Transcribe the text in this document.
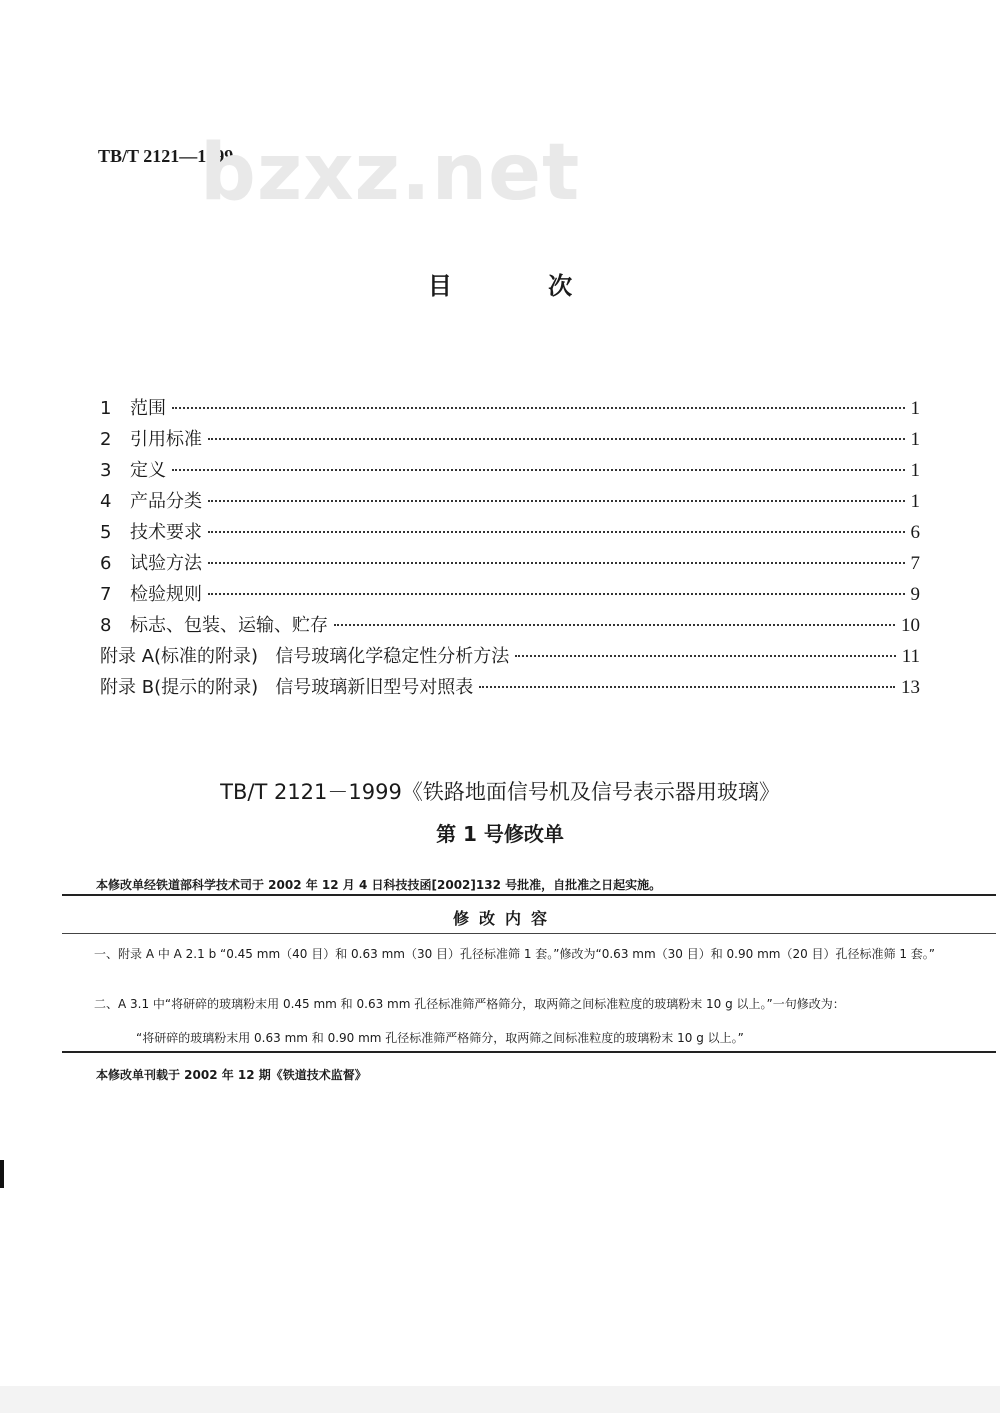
TB/T 2121—1999
bzxz.net
目 次
1	范围	1
2	引用标准	1
3	定义	1
4	产品分类	1
5	技术要求	6
6	试验方法	7
7	检验规则	9
8	标志、包装、运输、贮存	10
附录 A(标准的附录)   信号玻璃化学稳定性分析方法	11
附录 B(提示的附录)   信号玻璃新旧型号对照表	13
TB/T 2121－1999《铁路地面信号机及信号表示器用玻璃》
第 1 号修改单
本修改单经铁道部科学技术司于 2002 年 12 月 4 日科技技函[2002]132 号批准，自批准之日起实施。
修改内容
一、附录 A 中 A 2.1 b “0.45 mm（40 目）和 0.63 mm（30 目）孔径标准筛 1 套。”修改为“0.63 mm（30 目）和 0.90 mm（20 目）孔径标准筛 1 套。”
二、A 3.1 中“将研碎的玻璃粉末用 0.45 mm 和 0.63 mm 孔径标准筛严格筛分，取两筛之间标准粒度的玻璃粉末 10 g 以上。”一句修改为：
“将研碎的玻璃粉末用 0.63 mm 和 0.90 mm 孔径标准筛严格筛分，取两筛之间标准粒度的玻璃粉末 10 g 以上。”
本修改单刊载于 2002 年 12 期《铁道技术监督》
